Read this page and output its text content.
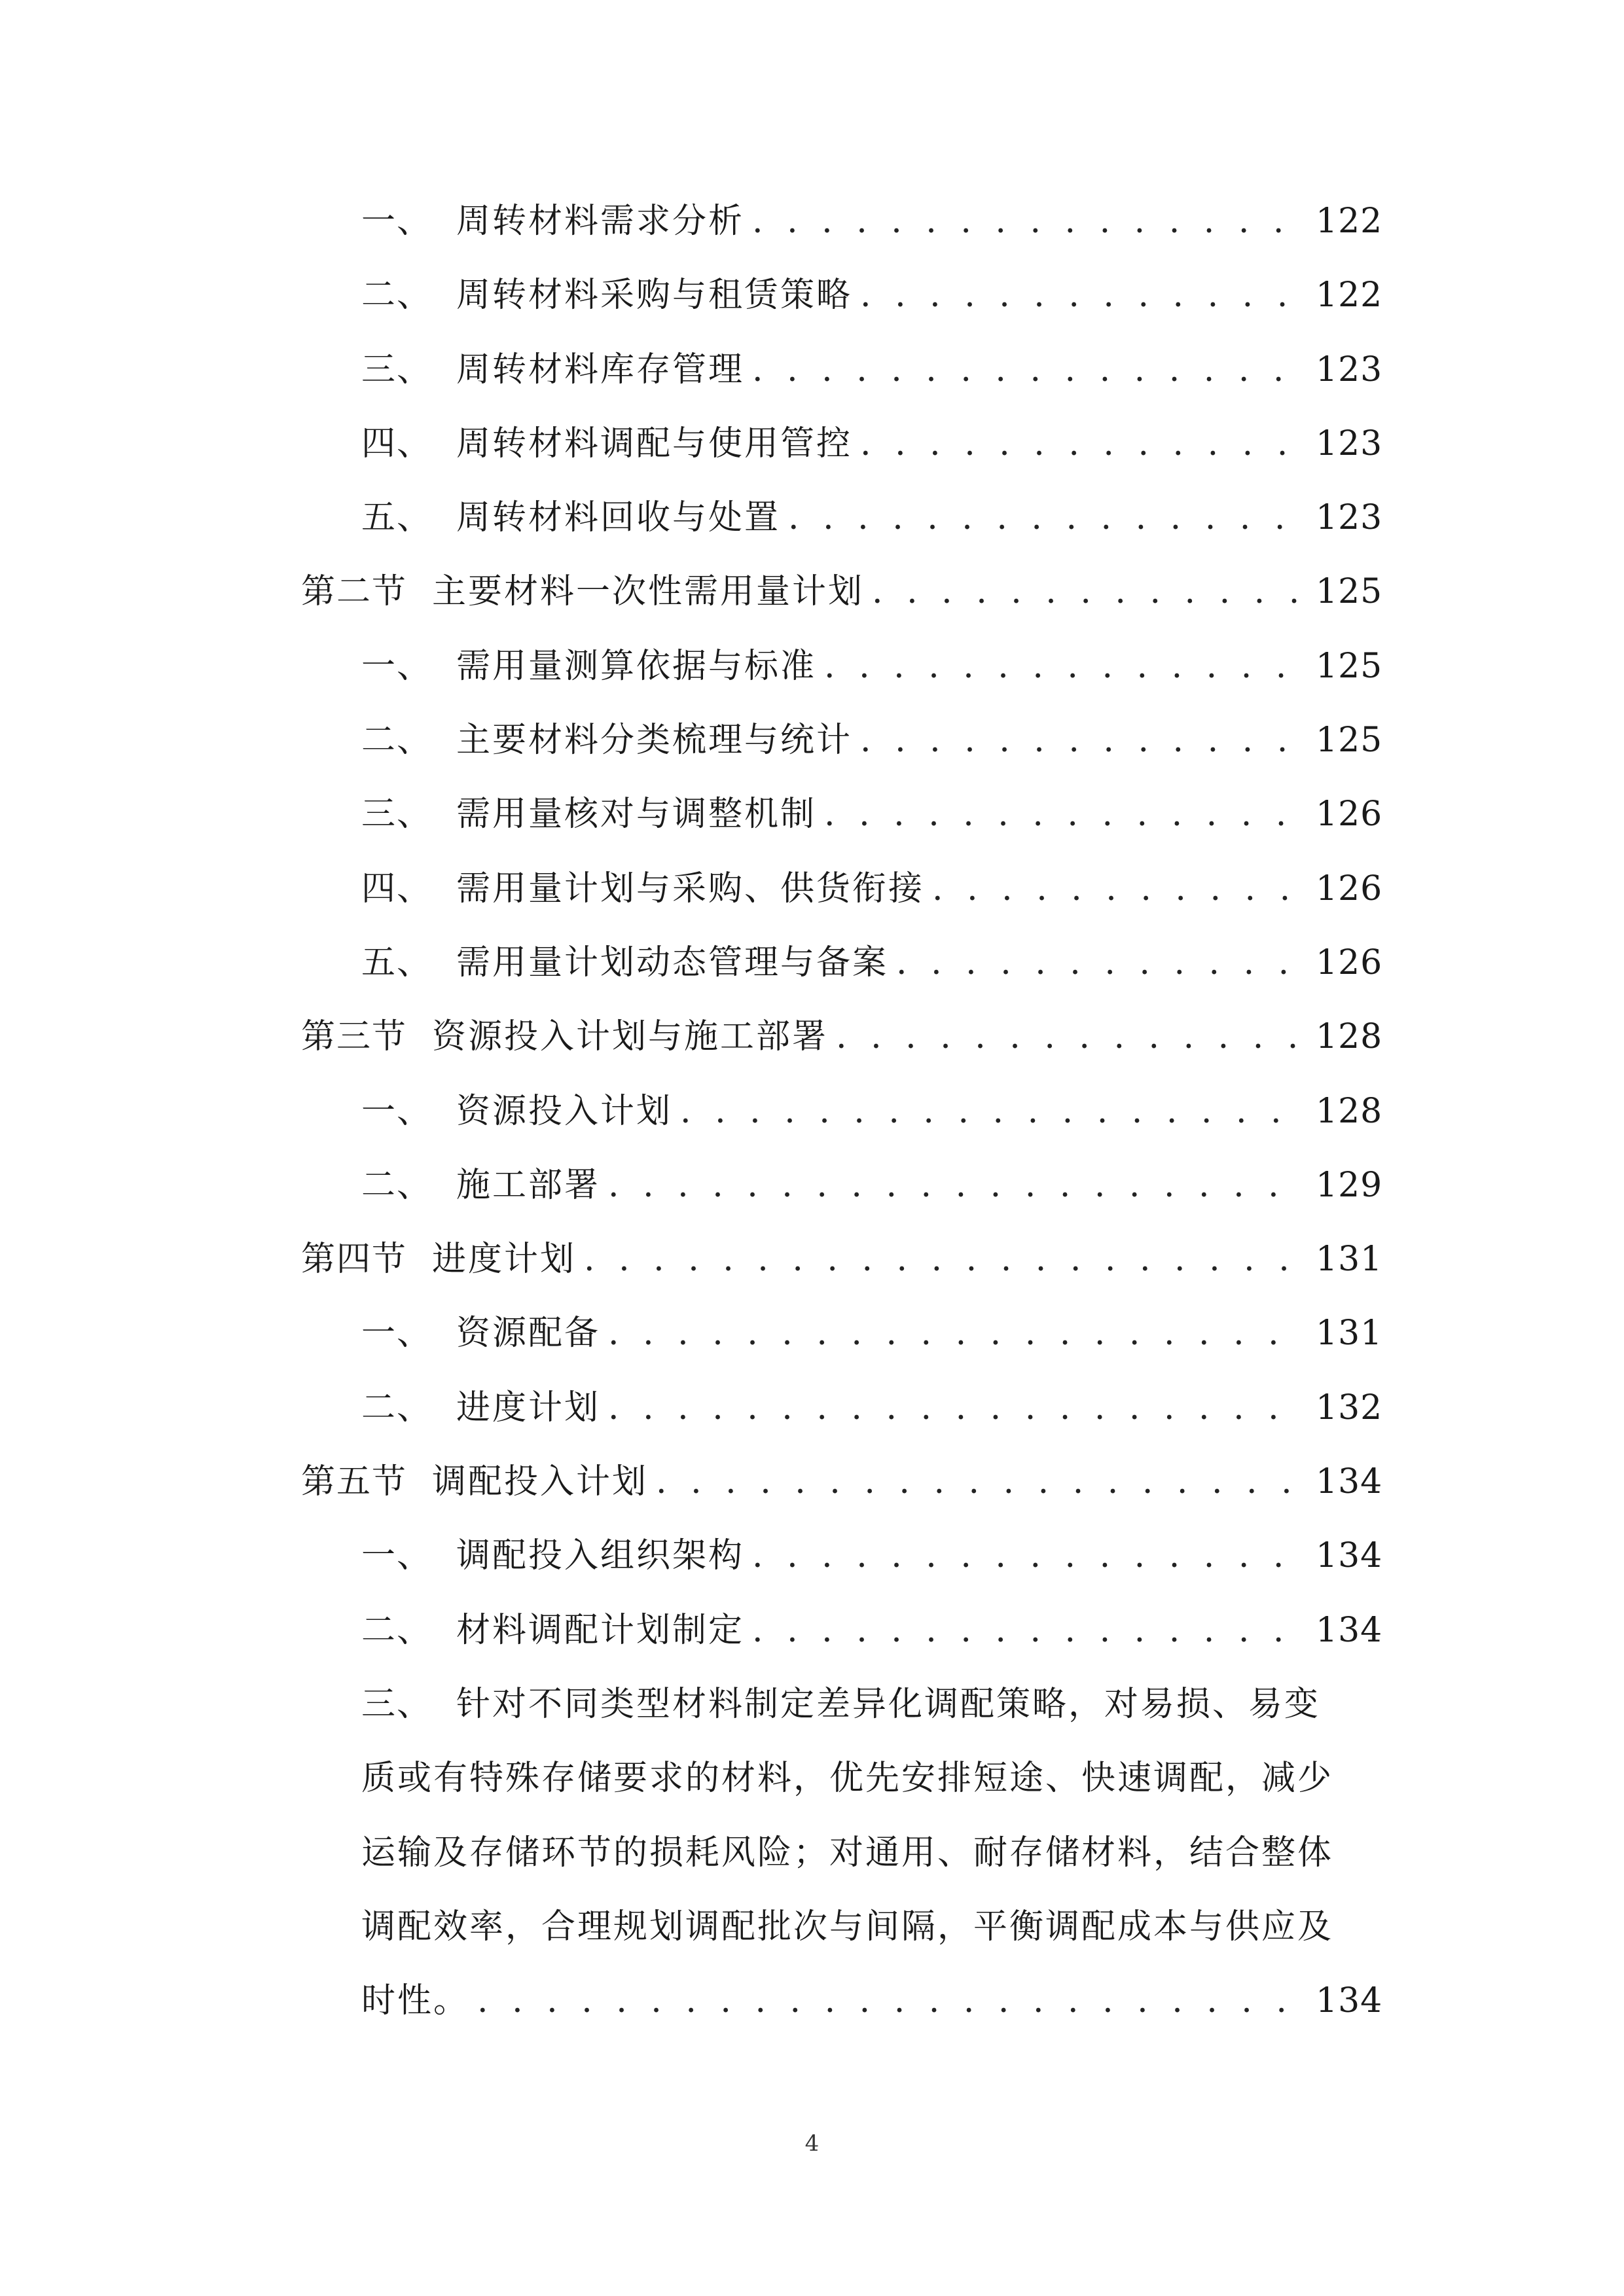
一、 周转材料需求分析 . . .	122
二、 周转材料采购与租赁策略 . . .	122
三、 周转材料库存管理 . . .	123
四、 周转材料调配与使用管控 . . .	123
五、 周转材料回收与处置 . . .	123
第二节 主要材料一次性需用量计划 . . .	125
一、 需用量测算依据与标准 . . .	125
二、 主要材料分类梳理与统计 . . .	125
三、 需用量核对与调整机制 . . .	126
四、 需用量计划与采购、供货衔接 . . .	126
五、 需用量计划动态管理与备案 . . .	126
第三节 资源投入计划与施工部署 . . .	128
一、 资源投入计划 . . .	128
二、 施工部署 . . .	129
第四节 进度计划 . . .	131
一、 资源配备 . . .	131
二、 进度计划 . . .	132
第五节 调配投入计划 . . .	134
一、 调配投入组织架构 . . .	134
二、 材料调配计划制定 . . .	134
三、 针对不同类型材料制定差异化调配策略，对易损、易变
质或有特殊存储要求的材料，优先安排短途、快速调配，减少
运输及存储环节的损耗风险；对通用、耐存储材料，结合整体
调配效率，合理规划调配批次与间隔，平衡调配成本与供应及
时性。 . . .	134
4
